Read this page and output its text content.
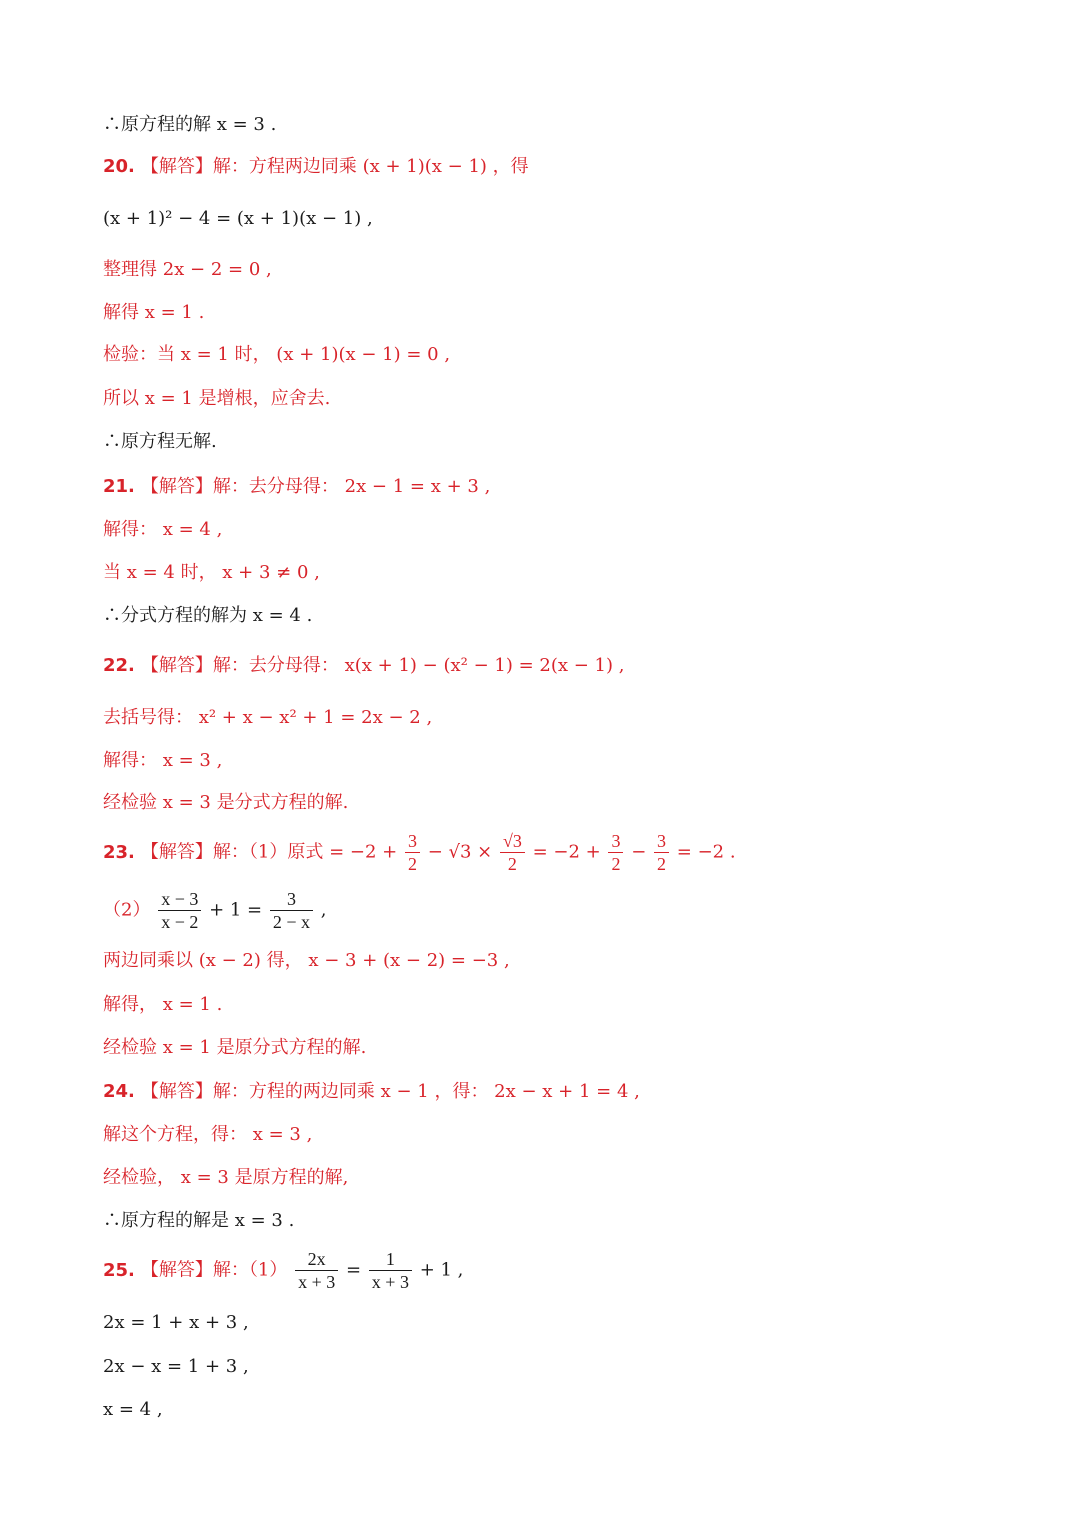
∴原方程的解 x = 3 .
20. 【解答】解：方程两边同乘 (x + 1)(x − 1) ，得
(x + 1)² − 4 = (x + 1)(x − 1) ,
整理得 2x − 2 = 0 ,
解得 x = 1 .
检验：当 x = 1 时， (x + 1)(x − 1) = 0 ,
所以 x = 1 是增根，应舍去.
∴原方程无解.
21. 【解答】解：去分母得： 2x − 1 = x + 3 ,
解得： x = 4 ,
当 x = 4 时， x + 3 ≠ 0 ,
∴分式方程的解为 x = 4 .
22. 【解答】解：去分母得： x(x + 1) − (x² − 1) = 2(x − 1) ,
去括号得： x² + x − x² + 1 = 2x − 2 ,
解得： x = 3 ,
经检验 x = 3 是分式方程的解.
23. 【解答】解：（1）原式 = $-2 + \frac{3}{2} - √3 \times \frac{√3}{2} = -2 + \frac{3}{2} - \frac{3}{2} = -2$ .
$(2) \frac{x - 3}{x - 2} + 1 = \frac{3}{2 - x}$ ,
两边同乘以 (x − 2) 得， x − 3 + (x − 2) = −3 ,
解得， x = 1 .
经检验 x = 1 是原分式方程的解.
24. 【解答】解：方程的两边同乘 x − 1 ，得： 2x − x + 1 = 4 ,
解这个方程，得： x = 3 ,
经检验， x = 3 是原方程的解,
∴原方程的解是 x = 3 .
25. 【解答】解：$(1) \frac{2x}{x + 3} = \frac{1}{x + 3} + 1$ ,
2x = 1 + x + 3 ,
2x − x = 1 + 3 ,
x = 4 ,
